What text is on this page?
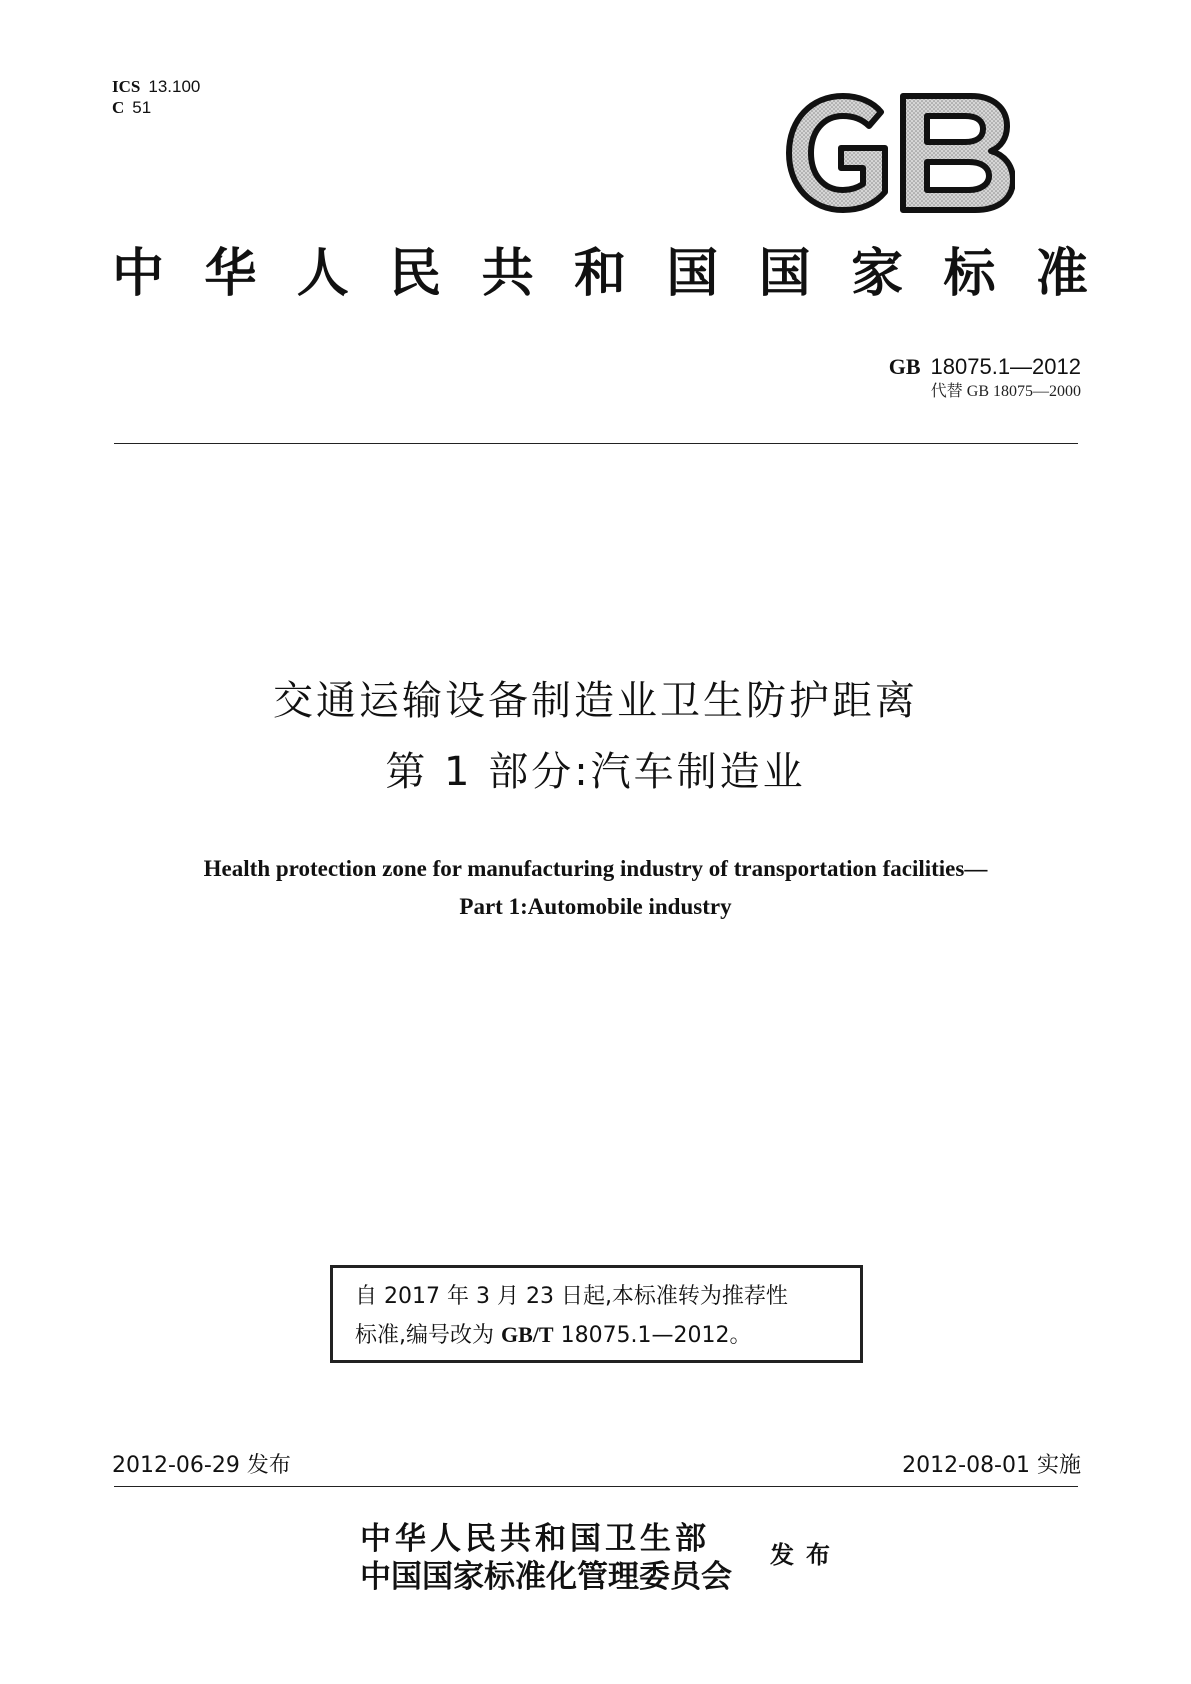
ICS 13.100
C 51
中 华 人 民 共 和 国 国 家 标 准
GB 18075.1—2012
代替 GB 18075—2000
交通运输设备制造业卫生防护距离
第 1 部分:汽车制造业
Health protection zone for manufacturing industry of transportation facilities—
Part 1:Automobile industry
自 2017 年 3 月 23 日起,本标准转为推荐性
标准,编号改为 GB/T 18075.1—2012。
2012-06-29 发布	2012-08-01 实施
中华人民共和国卫生部
中国国家标准化管理委员会
发布
